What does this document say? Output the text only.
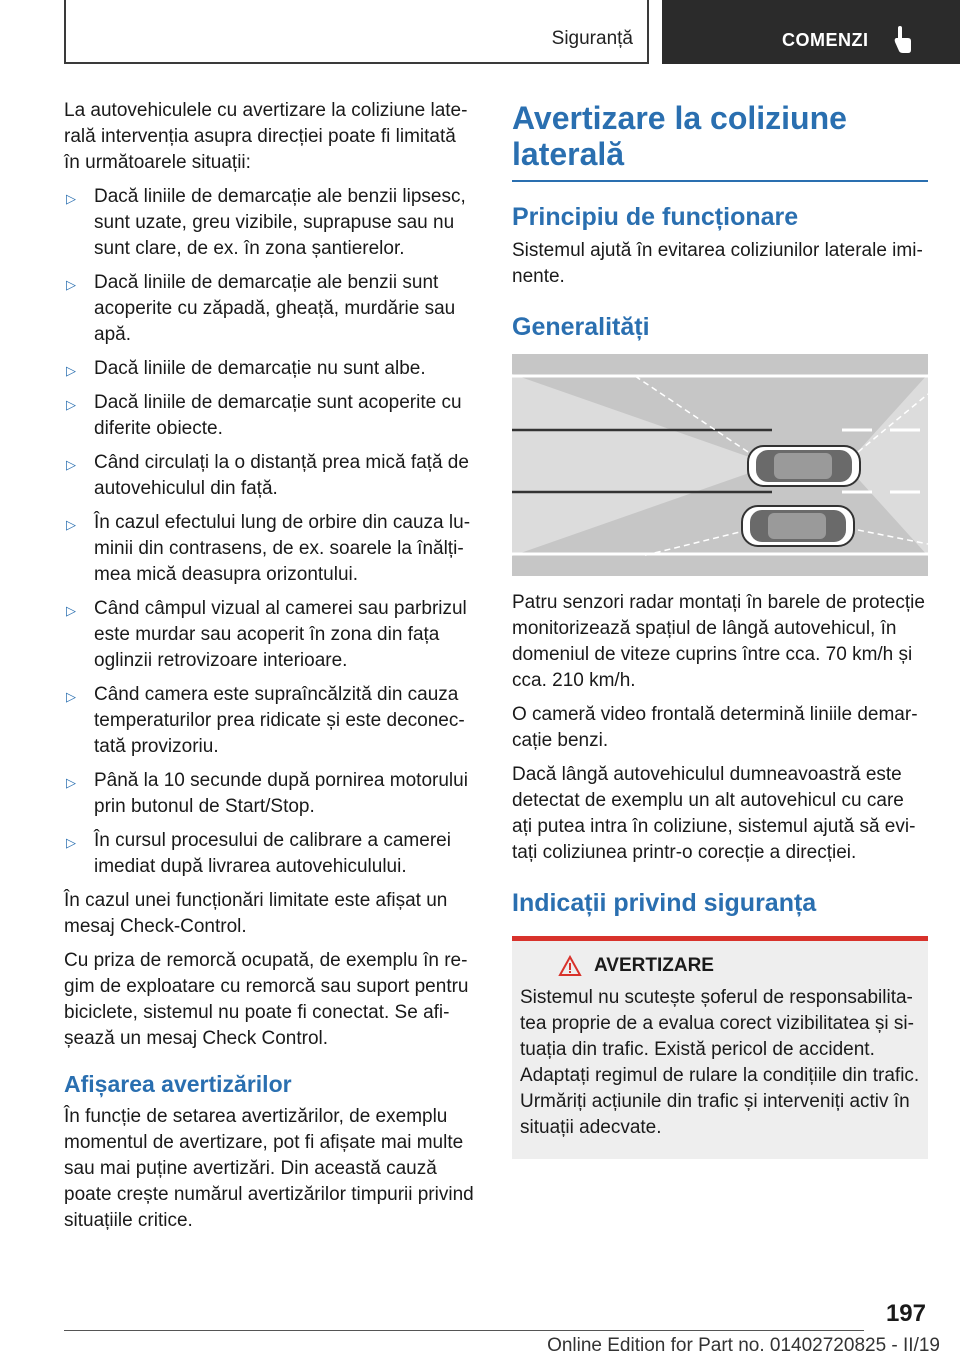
Siguranță	COMENZI

La autovehiculele cu avertizare la coliziune laterală intervenția asupra direcției poate fi limitată în următoarele situații:

▷ Dacă liniile de demarcație ale benzii lipsesc, sunt uzate, greu vizibile, suprapuse sau nu sunt clare, de ex. în zona șantierelor.
▷ Dacă liniile de demarcație ale benzii sunt acoperite cu zăpadă, gheață, murdărie sau apă.
▷ Dacă liniile de demarcație nu sunt albe.
▷ Dacă liniile de demarcație sunt acoperite cu diferite obiecte.
▷ Când circulați la o distanță prea mică față de autovehiculul din față.
▷ În cazul efectului lung de orbire din cauza luminii din contrasens, de ex. soarele la înălțimea mică deasupra orizontului.
▷ Când câmpul vizual al camerei sau parbrizul este murdar sau acoperit în zona din fața oglinzii retrovizoare interioare.
▷ Când camera este supraîncălzită din cauza temperaturilor prea ridicate și este deconectată provizoriu.
▷ Până la 10 secunde după pornirea motorului prin butonul de Start/Stop.
▷ În cursul procesului de calibrare a camerei imediat după livrarea autovehiculului.

În cazul unei funcționări limitate este afișat un mesaj Check-Control.

Cu priza de remorcă ocupată, de exemplu în regim de exploatare cu remorcă sau suport pentru biciclete, sistemul nu poate fi conectat. Se afișează un mesaj Check Control.

Afișarea avertizărilor

În funcție de setarea avertizărilor, de exemplu momentul de avertizare, pot fi afișate mai multe sau mai puține avertizări. Din această cauză poate crește numărul avertizărilor timpurii privind situațiile critice.

Avertizare la coliziune laterală
Principiu de funcționare

Sistemul ajută în evitarea coliziunilor laterale iminente.

Generalități

Patru senzori radar montați în barele de protecție monitorizează spațiul de lângă autovehicul, în domeniul de viteze cuprins între cca. 70 km/h și cca. 210 km/h.

O cameră video frontală determină liniile demarcație benzi.

Dacă lângă autovehiculul dumneavoastră este detectat de exemplu un alt autovehicul cu care ați putea intra în coliziune, sistemul ajută să evitați coliziunea printr-o corecție a direcției.

Indicații privind siguranța
AVERTIZARE

Sistemul nu scutește șoferul de responsabilitatea proprie de a evalua corect vizibilitatea și situația din trafic. Există pericol de accident. Adaptați regimul de rulare la condițiile din trafic. Urmăriți acțiunile din trafic și interveniți activ în situații adecvate.

197
Online Edition for Part no. 01402720825 - II/19
